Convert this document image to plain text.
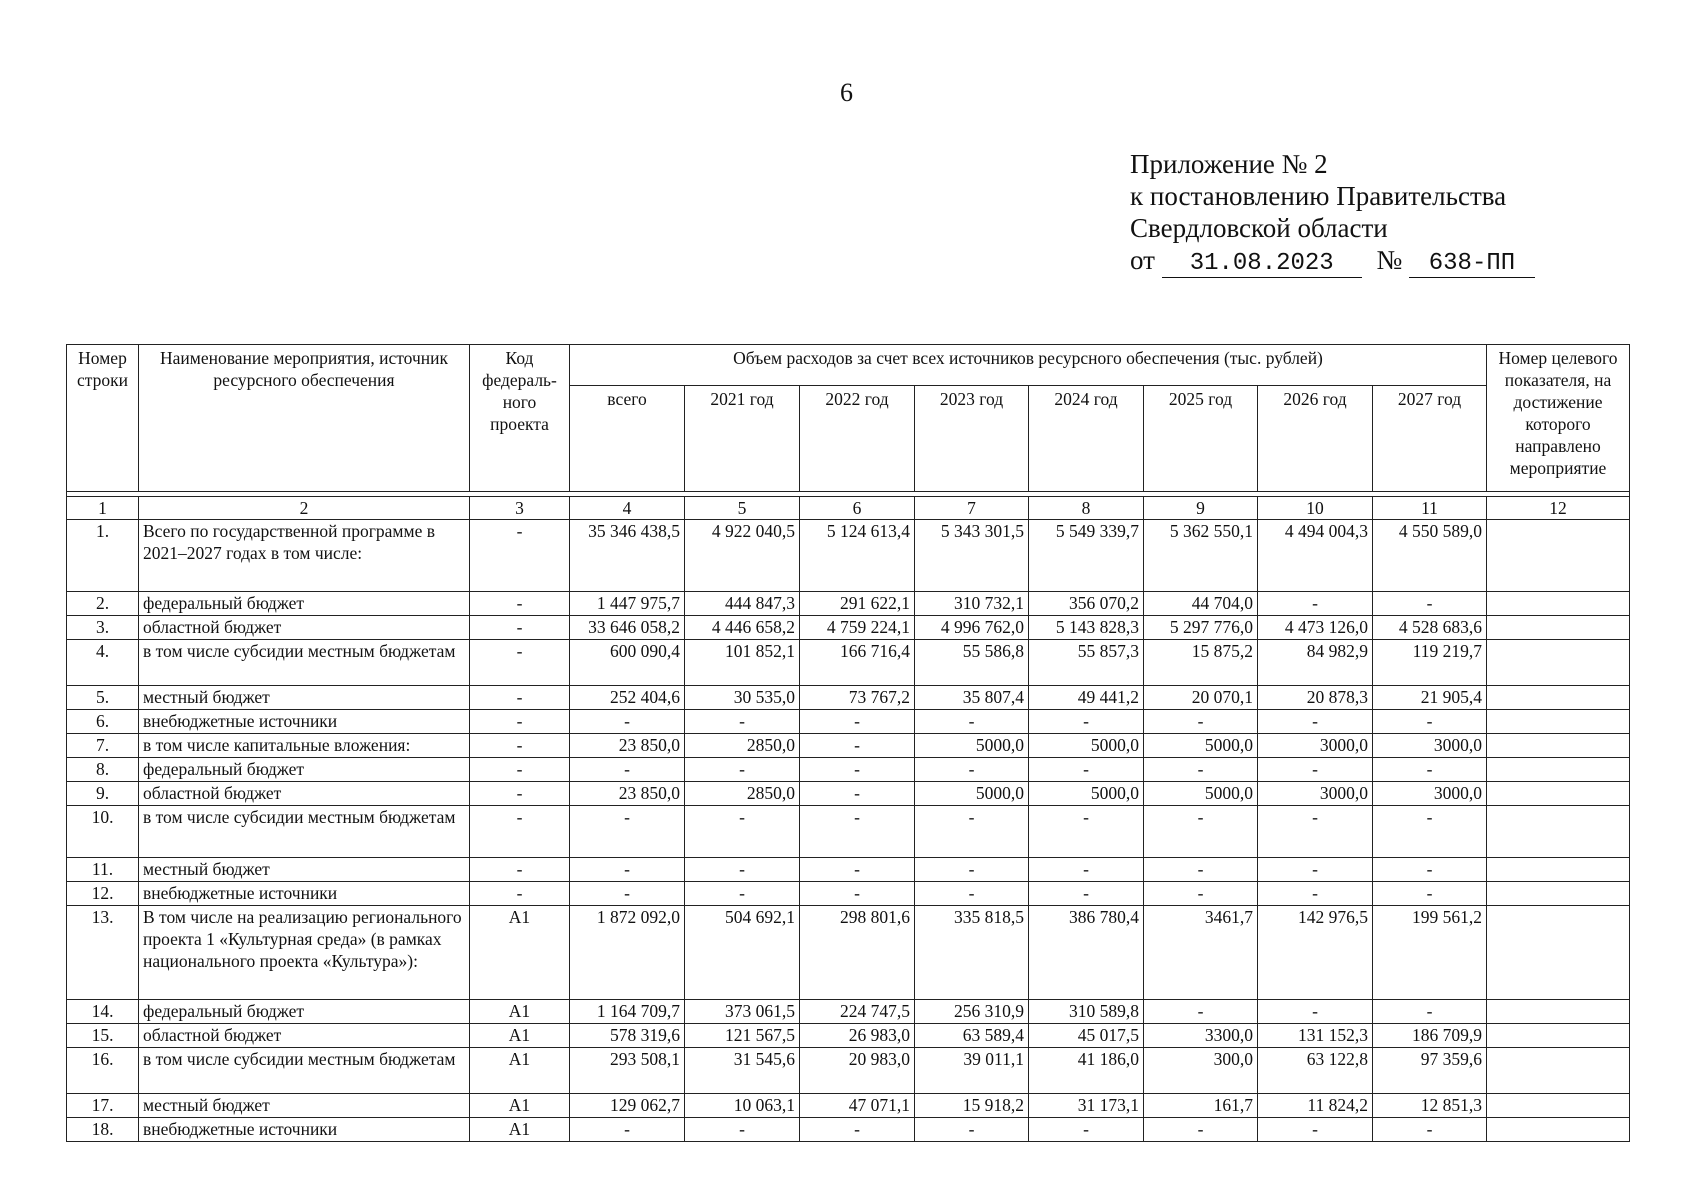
6
Приложение № 2
к постановлению Правительства
Свердловской области
от 31.08.2023 № 638-ПП
Номер строки	Наименование мероприятия, источник ресурсного обеспечения	Код федераль-ного проекта	Объем расходов за счет всех источников ресурсного обеспечения (тыс. рублей)								Номер целевого показателя, на достижение которого направлено мероприятие
			всего	2021 год	2022 год	2023 год	2024 год	2025 год	2026 год	2027 год	

1	2	3	4	5	6	7	8	9	10	11	12
1.	Всего по государственной программе в 2021–2027 годах в том числе:	-	35 346 438,5	4 922 040,5	5 124 613,4	5 343 301,5	5 549 339,7	5 362 550,1	4 494 004,3	4 550 589,0	
2.	федеральный бюджет	-	1 447 975,7	444 847,3	291 622,1	310 732,1	356 070,2	44 704,0	-	-	
3.	областной бюджет	-	33 646 058,2	4 446 658,2	4 759 224,1	4 996 762,0	5 143 828,3	5 297 776,0	4 473 126,0	4 528 683,6	
4.	в том числе субсидии местным бюджетам	-	600 090,4	101 852,1	166 716,4	55 586,8	55 857,3	15 875,2	84 982,9	119 219,7	
5.	местный бюджет	-	252 404,6	30 535,0	73 767,2	35 807,4	49 441,2	20 070,1	20 878,3	21 905,4	
6.	внебюджетные источники	-	-	-	-	-	-	-	-	-	
7.	в том числе капитальные вложения:	-	23 850,0	2850,0	-	5000,0	5000,0	5000,0	3000,0	3000,0	
8.	федеральный бюджет	-	-	-	-	-	-	-	-	-	
9.	областной бюджет	-	23 850,0	2850,0	-	5000,0	5000,0	5000,0	3000,0	3000,0	
10.	в том числе субсидии местным бюджетам	-	-	-	-	-	-	-	-	-	
11.	местный бюджет	-	-	-	-	-	-	-	-	-	
12.	внебюджетные источники	-	-	-	-	-	-	-	-	-	
13.	В том числе на реализацию регионального проекта 1 «Культурная среда» (в рамках национального проекта «Культура»):	А1	1 872 092,0	504 692,1	298 801,6	335 818,5	386 780,4	3461,7	142 976,5	199 561,2	
14.	федеральный бюджет	А1	1 164 709,7	373 061,5	224 747,5	256 310,9	310 589,8	-	-	-	
15.	областной бюджет	А1	578 319,6	121 567,5	26 983,0	63 589,4	45 017,5	3300,0	131 152,3	186 709,9	
16.	в том числе субсидии местным бюджетам	А1	293 508,1	31 545,6	20 983,0	39 011,1	41 186,0	300,0	63 122,8	97 359,6	
17.	местный бюджет	А1	129 062,7	10 063,1	47 071,1	15 918,2	31 173,1	161,7	11 824,2	12 851,3	
18.	внебюджетные источники	А1	-	-	-	-	-	-	-	-	
